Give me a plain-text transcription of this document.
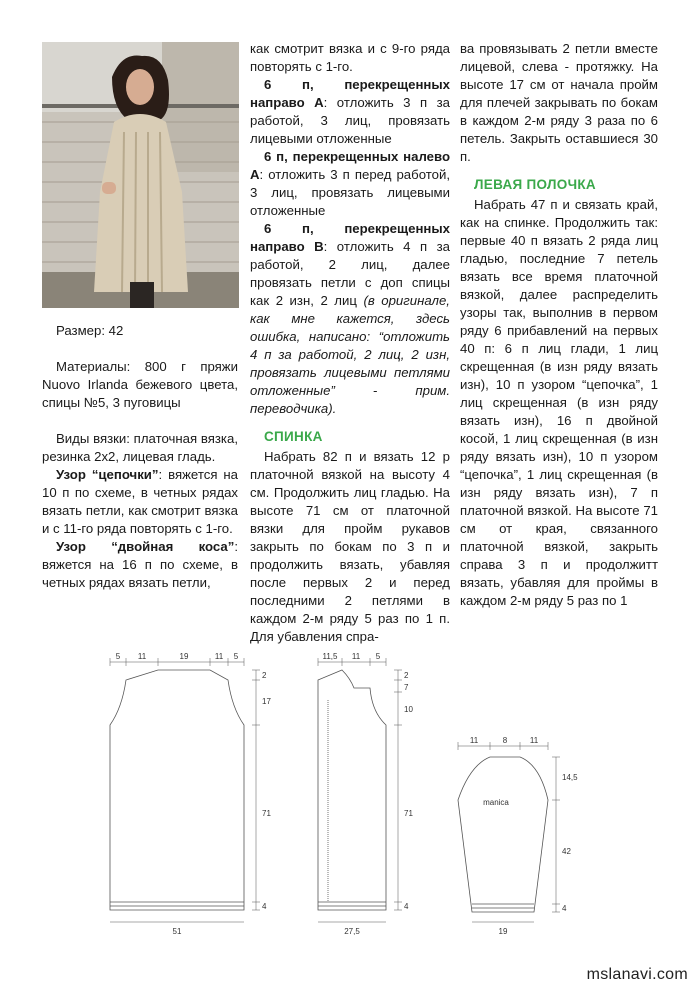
Размер: 42

Материалы: 800 г пряжи Nuovo Irlanda бежевого цвета, спицы №5, 3 пуговицы

Виды вязки: платочная вязка, резинка 2х2, лицевая гладь.

Узор “цепочки”: вяжется на 10 п по схеме, в четных рядах вязать петли, как смотрит вязка и с 11-го ряда повторять с 1-го.

Узор “двойная коса”: вяжется на 16 п по схеме, в четных рядах вязать петли,

как смотрит вязка и с 9-го ряда повторять с 1-го.

6 п, перекрещенных направо А: отложить 3 п за работой, 3 лиц, провязать лицевыми отложенные

6 п, перекрещенных налево А: отложить 3 п перед работой, 3 лиц, провязать лицевыми отложенные

6 п, перекрещенных направо В: отложить 4 п за работой, 2 лиц, далее провязать петли с доп спицы как 2 изн, 2 лиц (в оригинале, как мне кажется, здесь ошибка, написано: “отложить 4 п за работой, 2 лиц, 2 изн, провязать лицевыми петлями отложенные” - прим. переводчика).

СПИНКА

Набрать 82 п и вязать 12 р платочной вязкой на высоту 4 см. Продолжить лиц гладью. На высоте 71 см от платочной вязки для пройм рукавов закрыть по бокам по 3 п и продолжить вязать, убавляя после первых 2 и перед последними 2 петлями в каждом 2-м ряду 5 раз по 1 п. Для убавления спра-

ва провязывать 2 петли вместе лицевой, слева - протяжку. На высоте 17 см от начала пройм для плечей закрывать по бокам в каждом 2-м ряду 3 раза по 6 петель. Закрыть оставшиеся 30 п.

ЛЕВАЯ ПОЛОЧКА

Набрать 47 п и связать край, как на спинке. Продолжить так: первые 40 п вязать 2 ряда лиц гладью, последние 7 петель вязать все время платочной вязкой, далее распределить узоры так, выполнив в первом ряду 6 прибавлений на первых 40 п: 6 п лиц глади, 1 лиц скрещенная (в изн ряду вязать изн), 10 п узором “цепочка”, 1 лиц скрещенная (в изн ряду вязать изн), 16 п двойной косой, 1 лиц скрещенная (в изн ряду вязать изн), 10 п узором “цепочка”, 1 лиц скрещенная (в изн ряду вязать изн), 7 п платочной вязкой. На высоте 71 см от края, связанного платочной вязкой, закрыть справа 3 п и продолжитт вязать, убавляя для проймы в каждом 2-м ряду 5 раз по 1

5 11	19	11 5
2
17
71
4
51
11,5 11 5
2
7
10
71
4
27,5
11	8	11
14,5
42
4
19
manica
mslanavi.com
